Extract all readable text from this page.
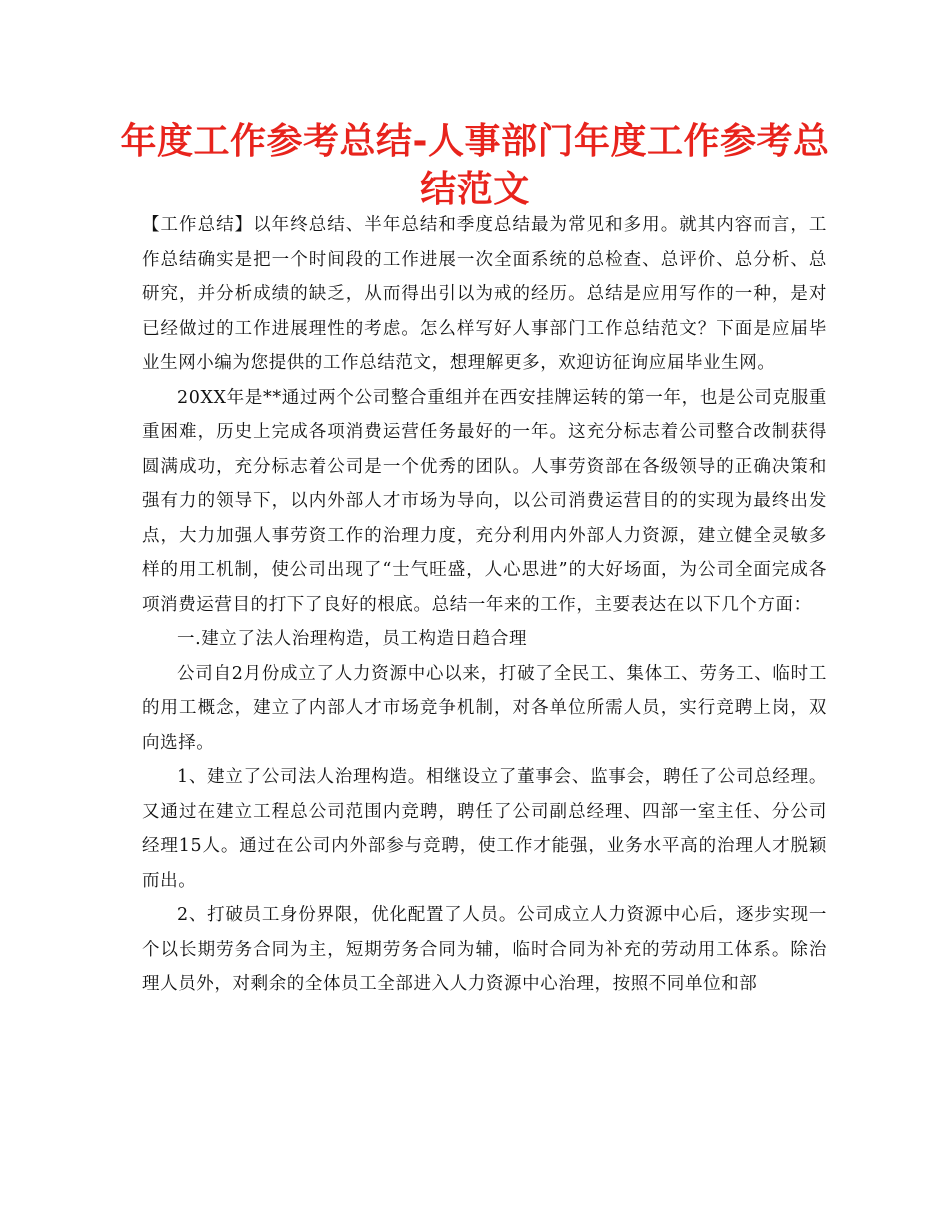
年度工作参考总结-人事部门年度工作参考总结范文

【工作总结】以年终总结、半年总结和季度总结最为常见和多用。就其内容而言，工作总结确实是把一个时间段的工作进展一次全面系统的总检查、总评价、总分析、总研究，并分析成绩的缺乏，从而得出引以为戒的经历。总结是应用写作的一种，是对已经做过的工作进展理性的考虑。怎么样写好人事部门工作总结范文？下面是应届毕业生网小编为您提供的工作总结范文，想理解更多，欢迎访征询应届毕业生网。

20XX年是**通过两个公司整合重组并在西安挂牌运转的第一年，也是公司克服重重困难，历史上完成各项消费运营任务最好的一年。这充分标志着公司整合改制获得圆满成功，充分标志着公司是一个优秀的团队。人事劳资部在各级领导的正确决策和强有力的领导下，以内外部人才市场为导向，以公司消费运营目的的实现为最终出发点，大力加强人事劳资工作的治理力度，充分利用内外部人力资源，建立健全灵敏多样的用工机制，使公司出现了“士气旺盛，人心思进”的大好场面，为公司全面完成各项消费运营目的打下了良好的根底。总结一年来的工作，主要表达在以下几个方面：

一.建立了法人治理构造，员工构造日趋合理

公司自2月份成立了人力资源中心以来，打破了全民工、集体工、劳务工、临时工的用工概念，建立了内部人才市场竞争机制，对各单位所需人员，实行竞聘上岗，双向选择。

1、建立了公司法人治理构造。相继设立了董事会、监事会，聘任了公司总经理。又通过在建立工程总公司范围内竞聘，聘任了公司副总经理、四部一室主任、分公司经理15人。通过在公司内外部参与竞聘，使工作才能强，业务水平高的治理人才脱颖而出。

2、打破员工身份界限，优化配置了人员。公司成立人力资源中心后，逐步实现一个以长期劳务合同为主，短期劳务合同为辅，临时合同为补充的劳动用工体系。除治理人员外，对剩余的全体员工全部进入人力资源中心治理，按照不同单位和部
